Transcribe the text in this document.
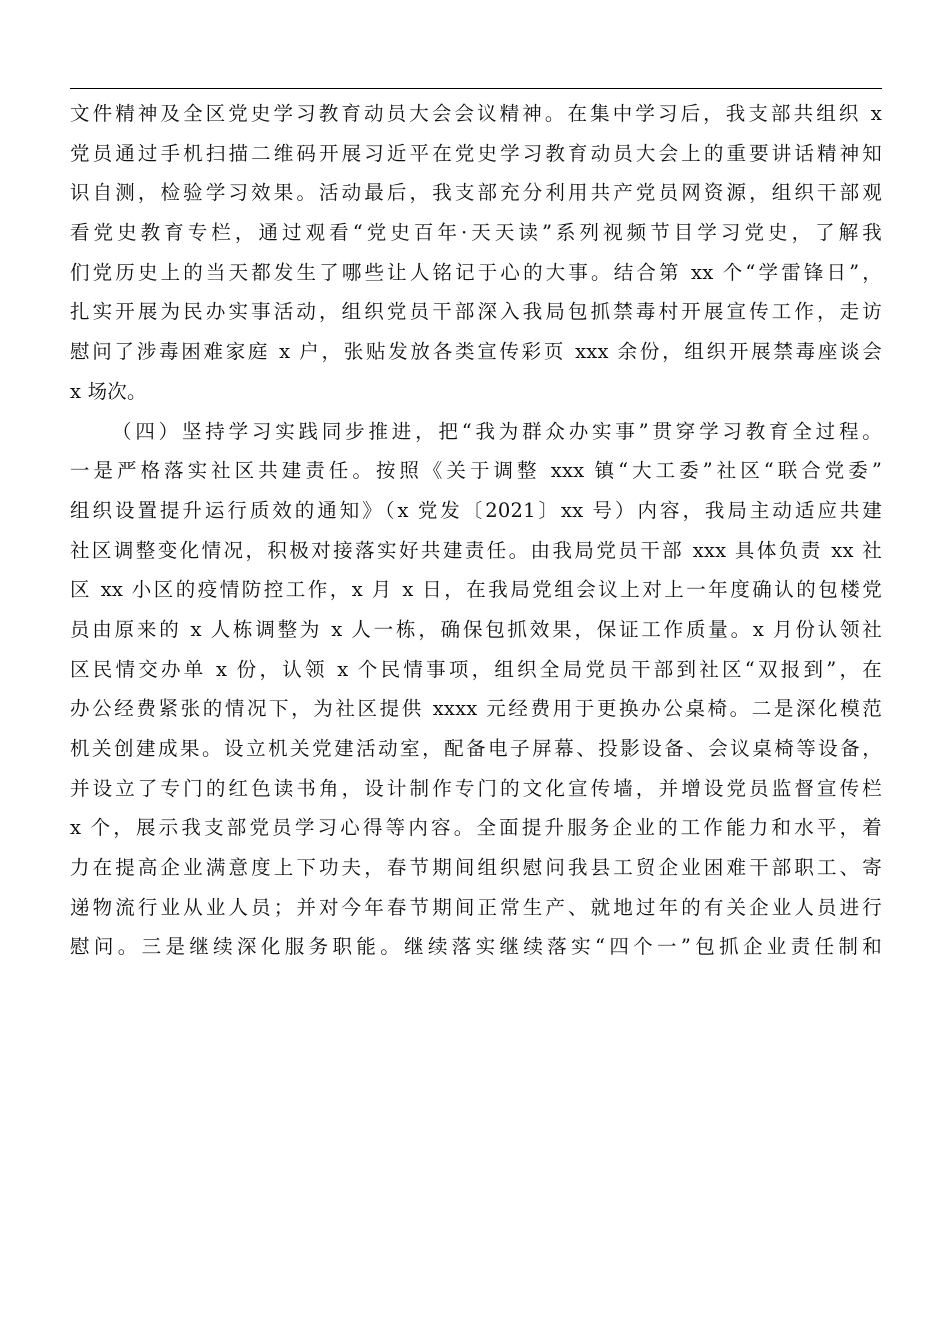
文件精神及全区党史学习教育动员大会会议精神。在集中学习后，我支部共组织 x
党员通过手机扫描二维码开展习近平在党史学习教育动员大会上的重要讲话精神知
识自测，检验学习效果。活动最后，我支部充分利用共产党员网资源，组织干部观
看党史教育专栏，通过观看“党史百年·天天读”系列视频节目学习党史，了解我
们党历史上的当天都发生了哪些让人铭记于心的大事。结合第 xx 个“学雷锋日”，
扎实开展为民办实事活动，组织党员干部深入我局包抓禁毒村开展宣传工作，走访
慰问了涉毒困难家庭 x 户，张贴发放各类宣传彩页 xxx 余份，组织开展禁毒座谈会
x 场次。
（四）坚持学习实践同步推进，把“我为群众办实事”贯穿学习教育全过程。
一是严格落实社区共建责任。按照《关于调整 xxx 镇“大工委”社区“联合党委”
组织设置提升运行质效的通知》（x 党发〔2021〕xx 号）内容，我局主动适应共建
社区调整变化情况，积极对接落实好共建责任。由我局党员干部 xxx 具体负责 xx 社
区 xx 小区的疫情防控工作，x 月 x 日，在我局党组会议上对上一年度确认的包楼党
员由原来的 x 人栋调整为 x 人一栋，确保包抓效果，保证工作质量。x 月份认领社
区民情交办单 x 份，认领 x 个民情事项，组织全局党员干部到社区“双报到”，在
办公经费紧张的情况下，为社区提供 xxxx 元经费用于更换办公桌椅。二是深化模范
机关创建成果。设立机关党建活动室，配备电子屏幕、投影设备、会议桌椅等设备，
并设立了专门的红色读书角，设计制作专门的文化宣传墙，并增设党员监督宣传栏
x 个，展示我支部党员学习心得等内容。全面提升服务企业的工作能力和水平，着
力在提高企业满意度上下功夫，春节期间组织慰问我县工贸企业困难干部职工、寄
递物流行业从业人员；并对今年春节期间正常生产、就地过年的有关企业人员进行
慰问。三是继续深化服务职能。继续落实继续落实“四个一”包抓企业责任制和
